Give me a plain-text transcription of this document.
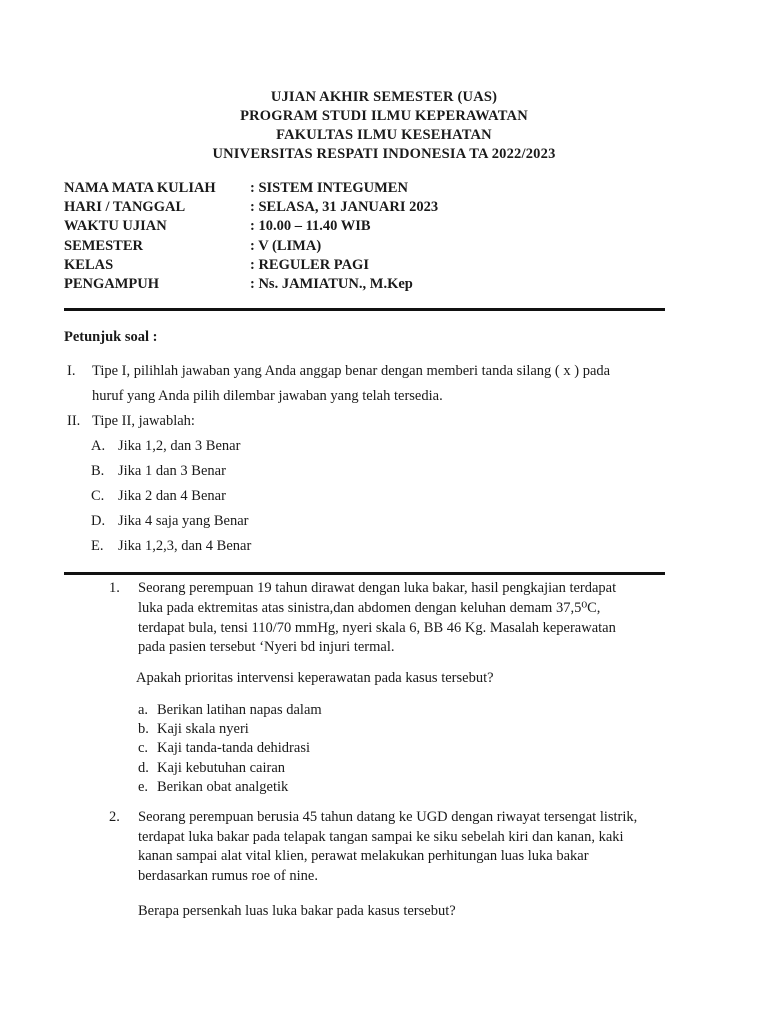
UJIAN AKHIR SEMESTER (UAS)
PROGRAM STUDI ILMU KEPERAWATAN
FAKULTAS ILMU KESEHATAN
UNIVERSITAS RESPATI INDONESIA TA 2022/2023
NAMA MATA KULIAH : SISTEM INTEGUMEN
HARI / TANGGAL	: SELASA, 31 JANUARI 2023
WAKTU UJIAN	: 10.00 – 11.40 WIB
SEMESTER	: V (LIMA)
KELAS	: REGULER PAGI
PENGAMPUH	: Ns. JAMIATUN., M.Kep
Petunjuk soal :
I. Tipe I, pilihlah jawaban yang Anda anggap benar dengan memberi tanda silang ( x ) pada
huruf yang Anda pilih dilembar jawaban yang telah tersedia.
II. Tipe II, jawablah:
A. Jika 1,2, dan 3 Benar
B. Jika 1 dan 3 Benar
C. Jika 2 dan 4 Benar
D. Jika 4 saja yang Benar
E. Jika 1,2,3, dan 4 Benar
1. Seorang perempuan 19 tahun dirawat dengan luka bakar, hasil pengkajian terdapat
luka pada ektremitas atas sinistra,dan abdomen dengan keluhan demam 37,5⁰C,
terdapat bula, tensi 110/70 mmHg, nyeri skala 6, BB 46 Kg. Masalah keperawatan
pada pasien tersebut ‘Nyeri bd injuri termal.
Apakah prioritas intervensi keperawatan pada kasus tersebut?
a. Berikan latihan napas dalam
b. Kaji skala nyeri
c. Kaji tanda-tanda dehidrasi
d. Kaji kebutuhan cairan
e. Berikan obat analgetik
2. Seorang perempuan berusia 45 tahun datang ke UGD dengan riwayat tersengat listrik,
terdapat luka bakar pada telapak tangan sampai ke siku sebelah kiri dan kanan, kaki
kanan sampai alat vital klien, perawat melakukan perhitungan luas luka bakar
berdasarkan rumus roe of nine.
Berapa persenkah luas luka bakar pada kasus tersebut?
